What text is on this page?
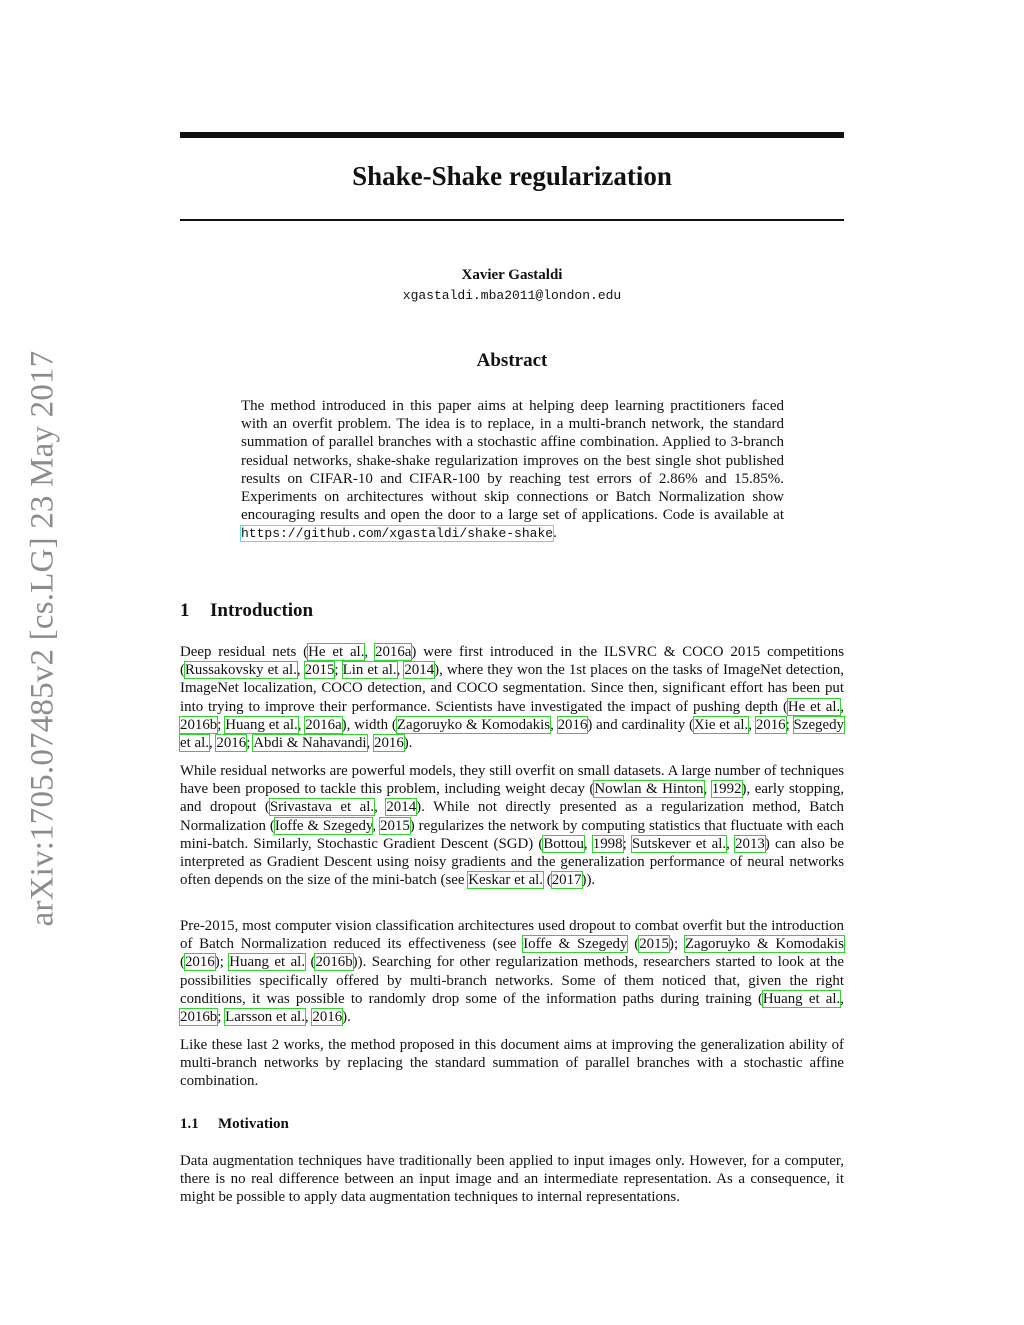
arXiv:1705.07485v2 [cs.LG] 23 May 2017
Shake-Shake regularization
Xavier Gastaldi
xgastaldi.mba2011@london.edu
Abstract

The method introduced in this paper aims at helping deep learning practitioners faced with an overfit problem. The idea is to replace, in a multi-branch network, the standard summation of parallel branches with a stochastic affine combination. Applied to 3-branch residual networks, shake-shake regularization improves on the best single shot published results on CIFAR-10 and CIFAR-100 by reaching test errors of 2.86% and 15.85%. Experiments on architectures without skip connections or Batch Normalization show encouraging results and open the door to a large set of applications. Code is available at https://github.com/xgastaldi/shake-shake.

1 Introduction

Deep residual nets (He et al., 2016a) were first introduced in the ILSVRC & COCO 2015 competitions (Russakovsky et al., 2015; Lin et al., 2014), where they won the 1st places on the tasks of ImageNet detection, ImageNet localization, COCO detection, and COCO segmentation. Since then, significant effort has been put into trying to improve their performance. Scientists have investigated the impact of pushing depth (He et al., 2016b; Huang et al., 2016a), width (Zagoruyko & Komodakis, 2016) and cardinality (Xie et al., 2016; Szegedy et al., 2016; Abdi & Nahavandi, 2016).

While residual networks are powerful models, they still overfit on small datasets. A large number of techniques have been proposed to tackle this problem, including weight decay (Nowlan & Hinton, 1992), early stopping, and dropout (Srivastava et al., 2014). While not directly presented as a regularization method, Batch Normalization (Ioffe & Szegedy, 2015) regularizes the network by computing statistics that fluctuate with each mini-batch. Similarly, Stochastic Gradient Descent (SGD) (Bottou, 1998; Sutskever et al., 2013) can also be interpreted as Gradient Descent using noisy gradients and the generalization performance of neural networks often depends on the size of the mini-batch (see Keskar et al. (2017)).

Pre-2015, most computer vision classification architectures used dropout to combat overfit but the introduction of Batch Normalization reduced its effectiveness (see Ioffe & Szegedy (2015); Zagoruyko & Komodakis (2016); Huang et al. (2016b)). Searching for other regularization methods, researchers started to look at the possibilities specifically offered by multi-branch networks. Some of them noticed that, given the right conditions, it was possible to randomly drop some of the information paths during training (Huang et al., 2016b; Larsson et al., 2016).

Like these last 2 works, the method proposed in this document aims at improving the generalization ability of multi-branch networks by replacing the standard summation of parallel branches with a stochastic affine combination.

1.1 Motivation

Data augmentation techniques have traditionally been applied to input images only. However, for a computer, there is no real difference between an input image and an intermediate representation. As a consequence, it might be possible to apply data augmentation techniques to internal representations.
